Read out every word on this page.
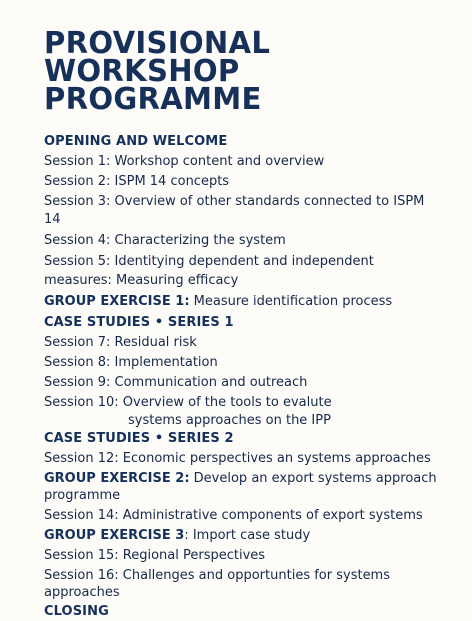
PROVISIONAL
WORKSHOP
PROGRAMME

OPENING AND WELCOME

Session 1: Workshop content and overview

Session 2: ISPM 14 concepts

Session 3: Overview of other standards connected to ISPM 14

Session 4: Characterizing the system

Session 5: Identitying dependent and independent measures: Measuring efficacy

GROUP EXERCISE 1: Measure identification process

CASE STUDIES • SERIES 1

Session 7: Residual risk

Session 8: Implementation

Session 9: Communication and outreach

Session 10: Overview of the tools to evalute
systems approaches on the IPP

CASE STUDIES • SERIES 2

Session 12: Economic perspectives an systems approaches

GROUP EXERCISE 2: Develop an export systems approach programme

Session 14: Administrative components of export systems

GROUP EXERCISE 3: Import case study

Session 15: Regional Perspectives

Session 16: Challenges and opportunties for systems approaches

CLOSING
